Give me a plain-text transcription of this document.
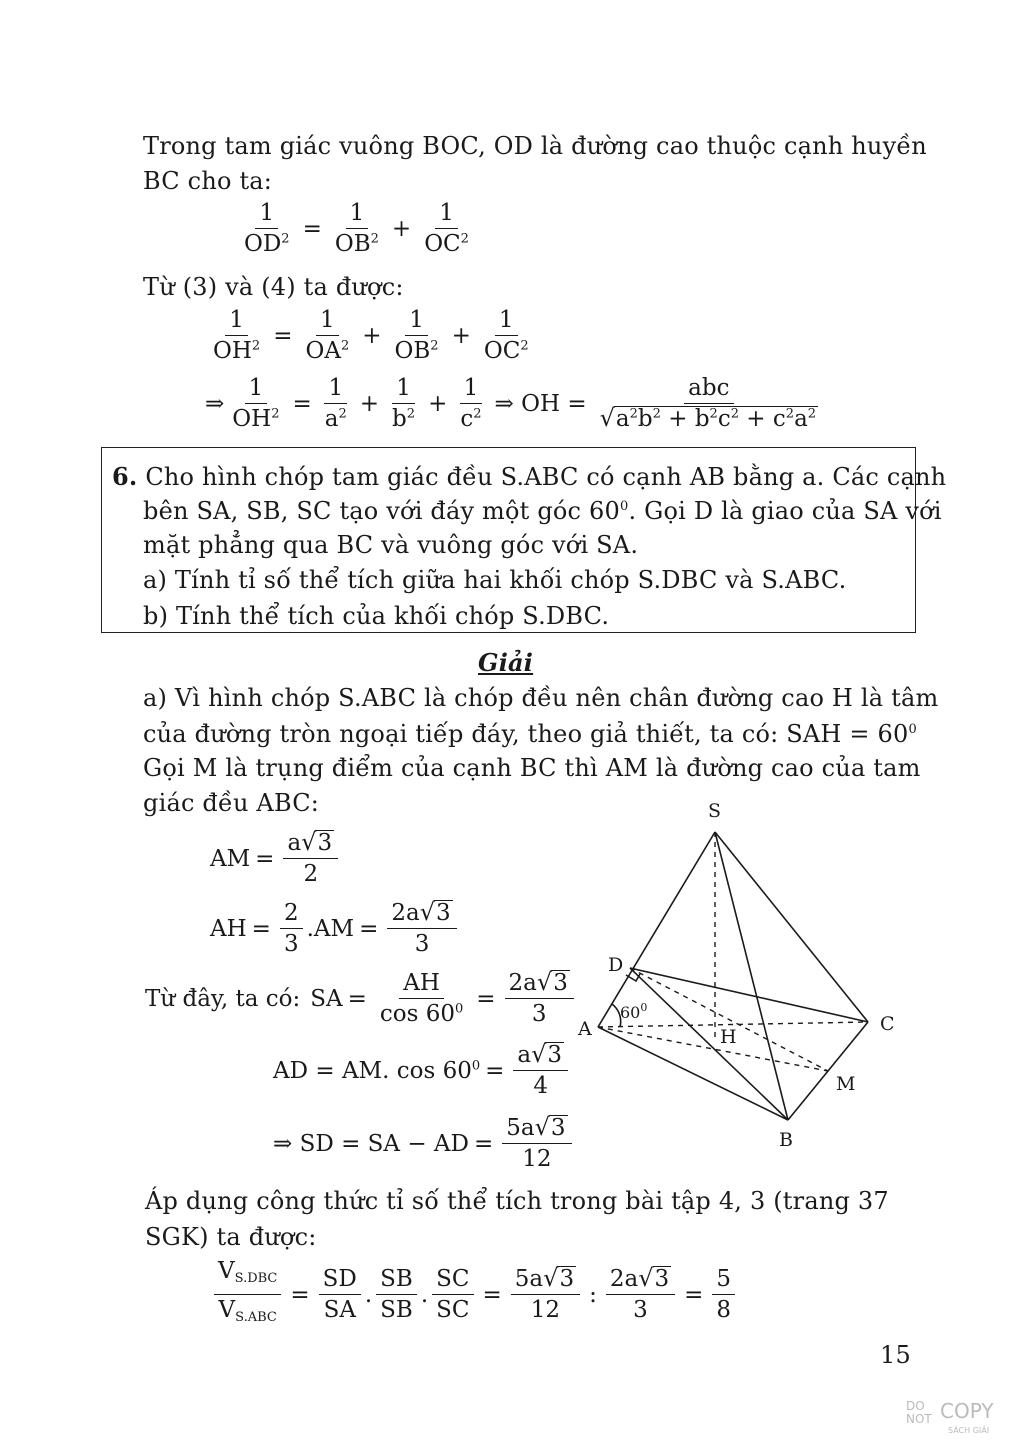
Trong tam giác vuông BOC, OD là đường cao thuộc cạnh huyền
BC cho ta:
$\frac{1}{OD^2} = \frac{1}{OB^2} + \frac{1}{OC^2}$
Từ (3) và (4) ta được:
$\frac{1}{OH^2} = \frac{1}{OA^2} + \frac{1}{OB^2} + \frac{1}{OC^2}$
⇒ $\frac{1}{OH^2} = \frac{1}{a^2} + \frac{1}{b^2} + \frac{1}{c^2}$ ⇒ OH = $\frac{\text{abc}}{√ a^2b^2 + b^2c^2 + c^2a^2}$
6. Cho hình chóp tam giác đều S.ABC có cạnh AB bằng a. Các cạnh
bên SA, SB, SC tạo với đáy một góc $60^0$. Gọi D là giao của SA với
mặt phẳng qua BC và vuông góc với SA.
a) Tính tỉ số thể tích giữa hai khối chóp S.DBC và S.ABC.
b) Tính thể tích của khối chóp S.DBC.
Giải
a) Vì hình chóp S.ABC là chóp đều nên chân đường cao H là tâm
của đường tròn ngoại tiếp đáy, theo giả thiết, ta có: SAH = $60^0$
Gọi M là trụng điểm của cạnh BC thì AM là đường cao của tam
giác đều ABC:
AM = $\frac{a √ 3}{2}$
AH = $\frac{2}{3} .AM = \frac{2a √ 3}{3}$
Từ đây, ta có: SA = $\frac{AH}{\cos 60^0} = \frac{2a √ 3}{3}$
AD = AM. $\cos 60^0 = \frac{a √ 3}{4}$
⇒ SD = SA − AD = $\frac{5a √ 3}{12}$
Áp dụng công thức tỉ số thể tích trong bài tập 4, 3 (trang 37
SGK) ta được:
$\frac{V_{S.DBC}}{V_{S.ABC}} = \frac{SD}{SA}$ . $\frac{SB}{SB}$ . $\frac{SC}{SC} = \frac{5a √ 3}{12}$ : $\frac{2a √ 3}{3} = \frac{5}{8}$
S
D
A	C
H
M
B
$60^0$
15
DO
NOT COPY
SÁCH GIẢI
